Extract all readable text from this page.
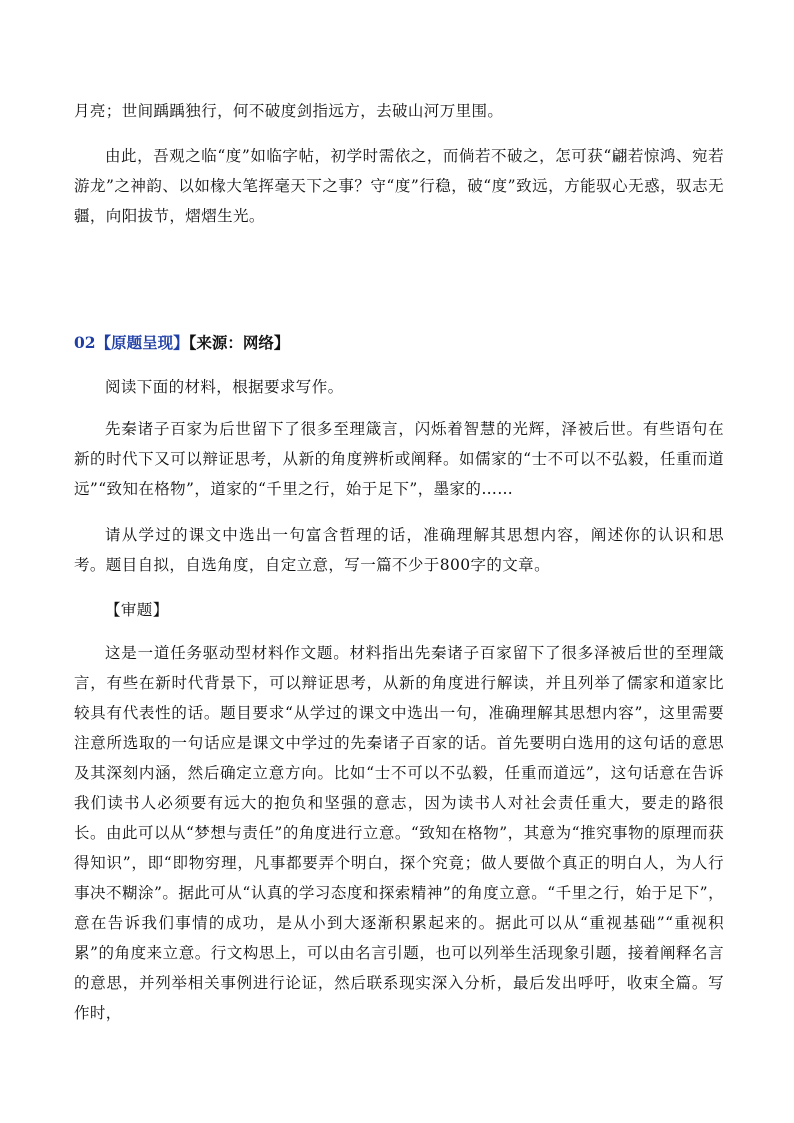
月亮；世间踽踽独行，何不破度剑指远方，去破山河万里围。

由此，吾观之临“度”如临字帖，初学时需依之，而倘若不破之，怎可获“翩若惊鸿、宛若游龙”之神韵、以如椽大笔挥毫天下之事？守“度”行稳，破“度”致远，方能驭心无惑，驭志无疆，向阳拔节，熠熠生光。

02【原题呈现】【来源：网络】

阅读下面的材料，根据要求写作。

先秦诸子百家为后世留下了很多至理箴言，闪烁着智慧的光辉，泽被后世。有些语句在新的时代下又可以辩证思考，从新的角度辨析或阐释。如儒家的“士不可以不弘毅，任重而道远”“致知在格物”，道家的“千里之行，始于足下”，墨家的……

请从学过的课文中选出一句富含哲理的话，准确理解其思想内容，阐述你的认识和思考。题目自拟，自选角度，自定立意，写一篇不少于800字的文章。

【审题】

这是一道任务驱动型材料作文题。材料指出先秦诸子百家留下了很多泽被后世的至理箴言，有些在新时代背景下，可以辩证思考，从新的角度进行解读，并且列举了儒家和道家比较具有代表性的话。题目要求“从学过的课文中选出一句，准确理解其思想内容”，这里需要注意所选取的一句话应是课文中学过的先秦诸子百家的话。首先要明白选用的这句话的意思及其深刻内涵，然后确定立意方向。比如“士不可以不弘毅，任重而道远”，这句话意在告诉我们读书人必须要有远大的抱负和坚强的意志，因为读书人对社会责任重大，要走的路很长。由此可以从“梦想与责任”的角度进行立意。“致知在格物”，其意为“推究事物的原理而获得知识”，即“即物穷理，凡事都要弄个明白，探个究竟；做人要做个真正的明白人，为人行事决不糊涂”。据此可从“认真的学习态度和探索精神”的角度立意。“千里之行，始于足下”，意在告诉我们事情的成功，是从小到大逐渐积累起来的。据此可以从“重视基础”“重视积累”的角度来立意。行文构思上，可以由名言引题，也可以列举生活现象引题，接着阐释名言的意思，并列举相关事例进行论证，然后联系现实深入分析，最后发出呼吁，收束全篇。写作时，
